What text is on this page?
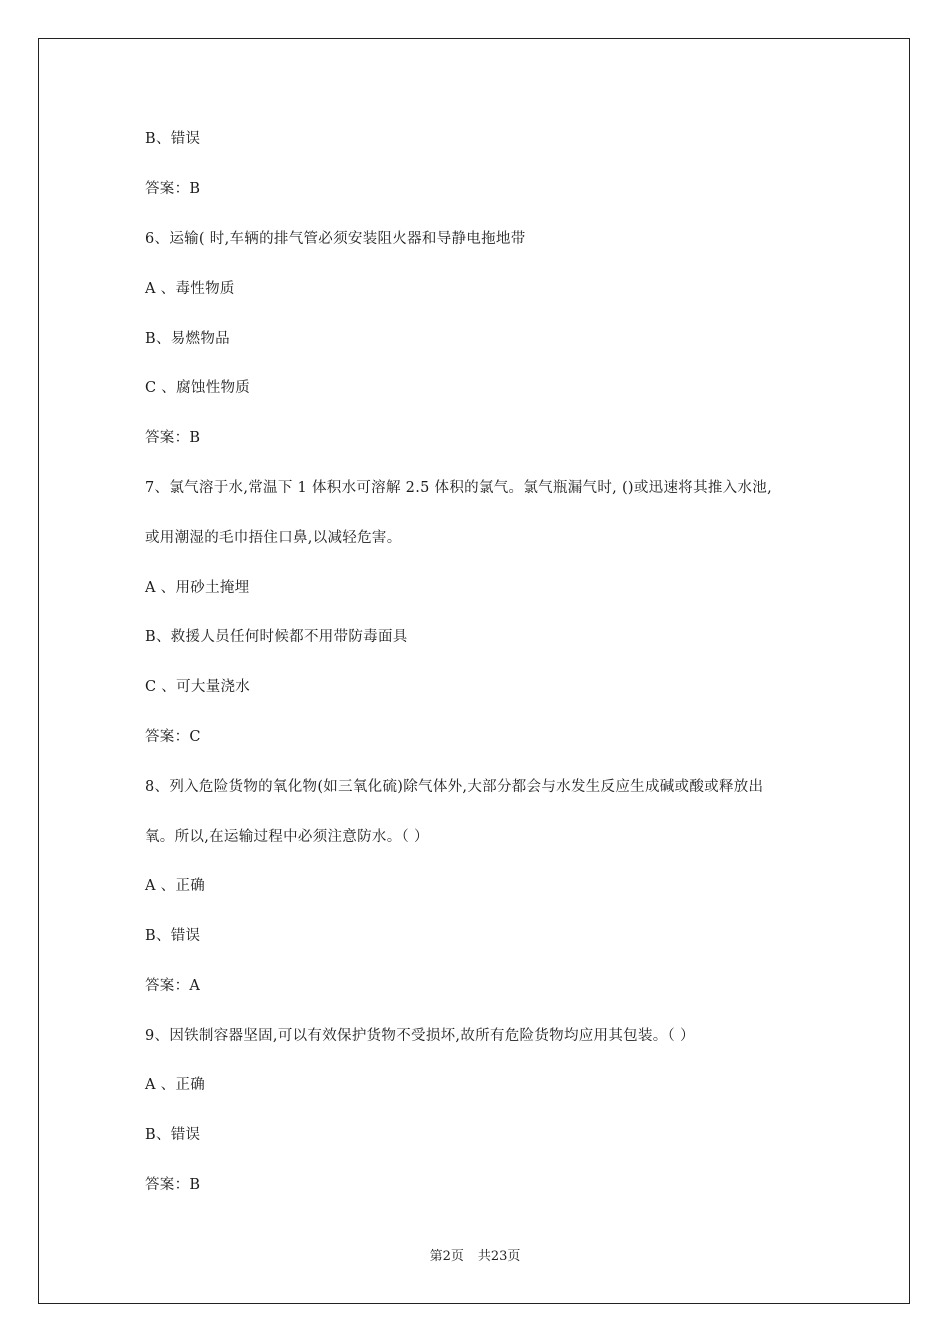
B、错误
答案：B
6、运输( 时,车辆的排气管必须安装阻火器和导静电拖地带
A 、毒性物质
B、易燃物品
C 、腐蚀性物质
答案：B
7、氯气溶于水,常温下 1 体积水可溶解 2.5 体积的氯气。氯气瓶漏气时, ()或迅速将其推入水池,
或用潮湿的毛巾捂住口鼻,以减轻危害。
A 、用砂土掩埋
B、救援人员任何时候都不用带防毒面具
C 、可大量浇水
答案：C
8、列入危险货物的氧化物(如三氧化硫)除气体外,大部分都会与水发生反应生成碱或酸或释放出
氧。所以,在运输过程中必须注意防水。（ ）
A 、正确
B、错误
答案：A
9、因铁制容器坚固,可以有效保护货物不受损坏,故所有危险货物均应用其包装。（ ）
A 、正确
B、错误
答案：B
第2页 共23页
